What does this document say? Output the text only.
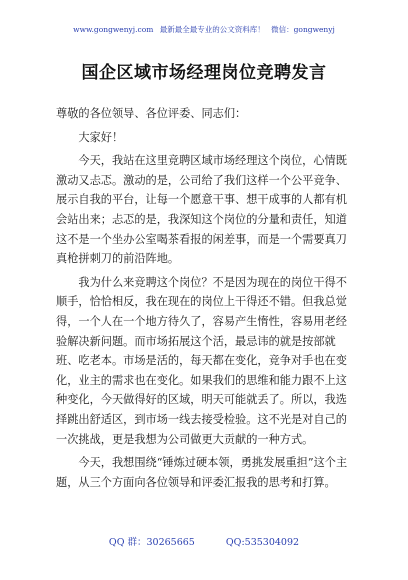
www.gongwenyj.com 最新最全最专业的公文资料库！ 微信：gongwenyj
国企区域市场经理岗位竞聘发言

尊敬的各位领导、各位评委、同志们：

大家好！

今天，我站在这里竞聘区域市场经理这个岗位，心情既激动又忐忑。激动的是，公司给了我们这样一个公平竞争、展示自我的平台，让每一个愿意干事、想干成事的人都有机会站出来；忐忑的是，我深知这个岗位的分量和责任，知道这不是一个坐办公室喝茶看报的闲差事，而是一个需要真刀真枪拼刺刀的前沿阵地。

我为什么来竞聘这个岗位？不是因为现在的岗位干得不顺手，恰恰相反，我在现在的岗位上干得还不错。但我总觉得，一个人在一个地方待久了，容易产生惰性，容易用老经验解决新问题。而市场拓展这个活，最忌讳的就是按部就班、吃老本。市场是活的，每天都在变化，竞争对手也在变化，业主的需求也在变化。如果我们的思维和能力跟不上这种变化，今天做得好的区域，明天可能就丢了。所以，我选择跳出舒适区，到市场一线去接受检验。这不光是对自己的一次挑战，更是我想为公司做更大贡献的一种方式。

今天，我想围绕“锤炼过硬本领，勇挑发展重担”这个主题，从三个方面向各位领导和评委汇报我的思考和打算。

QQ 群：30265665	QQ:535304092
